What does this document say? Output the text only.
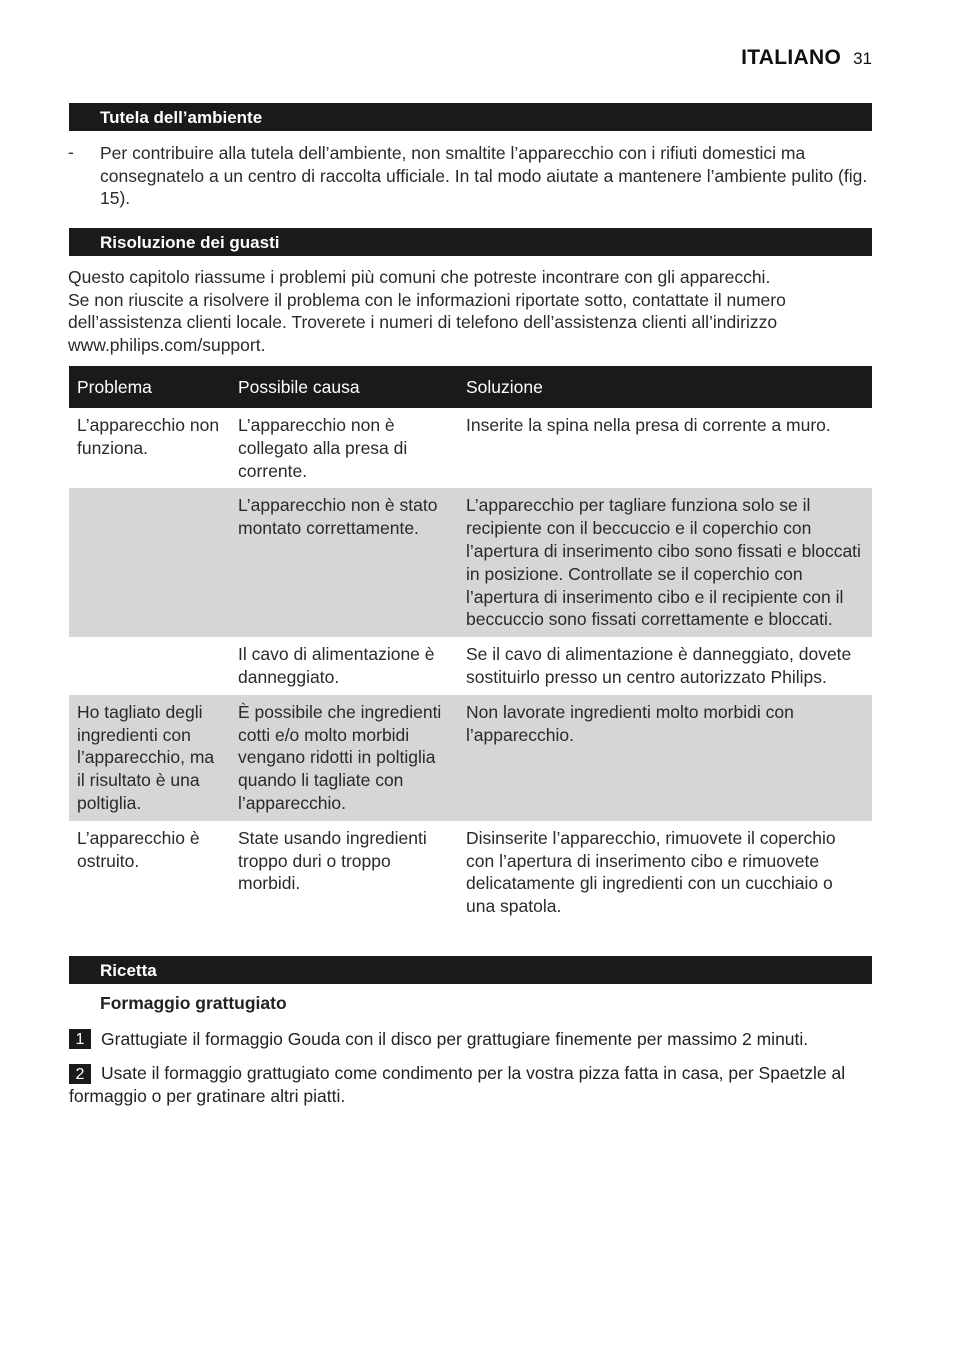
ITALIANO 31
Tutela dell’ambiente
- Per contribuire alla tutela dell’ambiente, non smaltite l’apparecchio con i rifiuti domestici ma consegnatelo a un centro di raccolta ufficiale. In tal modo aiutate a mantenere l’ambiente pulito (fig. 15).
Risoluzione dei guasti
Questo capitolo riassume i problemi più comuni che potreste incontrare con gli apparecchi.
Se non riuscite a risolvere il problema con le informazioni riportate sotto, contattate il numero dell’assistenza clienti locale. Troverete i numeri di telefono dell’assistenza clienti all’indirizzo www.philips.com/support.
Problema	Possibile causa	Soluzione
L’apparecchio non funziona.	L’apparecchio non è collegato alla presa di corrente.	Inserite la spina nella presa di corrente a muro.
	L’apparecchio non è stato montato correttamente.	L’apparecchio per tagliare funziona solo se il recipiente con il beccuccio e il coperchio con l’apertura di inserimento cibo sono fissati e bloccati in posizione. Controllate se il coperchio con l’apertura di inserimento cibo e il recipiente con il beccuccio sono fissati correttamente e bloccati.
	Il cavo di alimentazione è danneggiato.	Se il cavo di alimentazione è danneggiato, dovete sostituirlo presso un centro autorizzato Philips.
Ho tagliato degli ingredienti con l’apparecchio, ma il risultato è una poltiglia.	È possibile che ingredienti cotti e/o molto morbidi vengano ridotti in poltiglia quando li tagliate con l’apparecchio.	Non lavorate ingredienti molto morbidi con l’apparecchio.
L’apparecchio è ostruito.	State usando ingredienti troppo duri o troppo morbidi.	Disinserite l’apparecchio, rimuovete il coperchio con l’apertura di inserimento cibo e rimuovete delicatamente gli ingredienti con un cucchiaio o una spatola.
Ricetta
Formaggio grattugiato
1 Grattugiate il formaggio Gouda con il disco per grattugiare finemente per massimo 2 minuti.
2 Usate il formaggio grattugiato come condimento per la vostra pizza fatta in casa, per Spaetzle al formaggio o per gratinare altri piatti.
